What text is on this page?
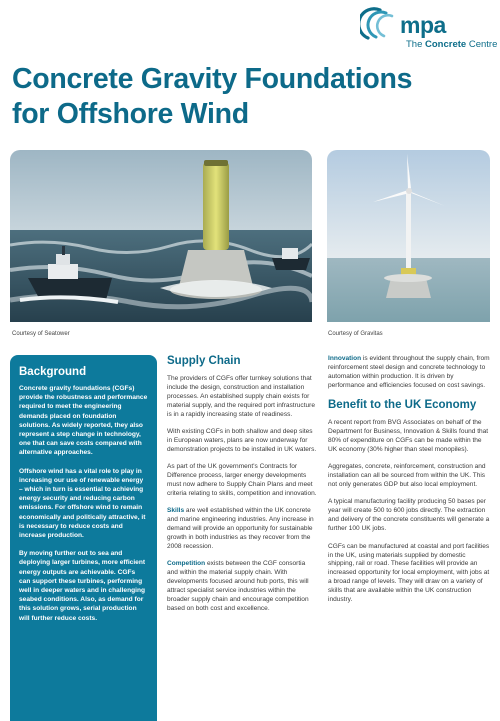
mpa
The Concrete Centre
Concrete Gravity Foundations
for Offshore Wind
Courtesy of Seatower	Courtesy of Gravitas
Background

Concrete gravity foundations (CGFs) provide the robustness and performance required to meet the engineering demands placed on foundation solutions. As widely reported, they also represent a step change in technology, one that can save costs compared with alternative approaches.

Offshore wind has a vital role to play in increasing our use of renewable energy – which in turn is essential to achieving energy security and reducing carbon emissions. For offshore wind to remain economically and politically attractive, it is necessary to reduce costs and increase production.

By moving further out to sea and deploying larger turbines, more efficient energy outputs are achievable. CGFs can support these turbines, performing well in deeper waters and in challenging seabed conditions. Also, as demand for this solution grows, serial production will further reduce costs.

Supply Chain

The providers of CGFs offer turnkey solutions that include the design, construction and installation processes. An established supply chain exists for material supply, and the required port infrastructure is in a rapidly increasing state of readiness.

With existing CGFs in both shallow and deep sites in European waters, plans are now underway for demonstration projects to be installed in UK waters.

As part of the UK government's Contracts for Difference process, larger energy developments must now adhere to Supply Chain Plans and meet criteria relating to skills, competition and innovation.

Skills are well established within the UK concrete and marine engineering industries. Any increase in demand will provide an opportunity for sustainable growth in both industries as they recover from the 2008 recession.

Competition exists between the CGF consortia and within the material supply chain. With developments focused around hub ports, this will attract specialist service industries within the broader supply chain and encourage competition based on both cost and excellence.

Innovation is evident throughout the supply chain, from reinforcement steel design and concrete technology to automation within production. It is driven by performance and efficiencies focused on cost savings.

Benefit to the UK Economy

A recent report from BVG Associates on behalf of the Department for Business, Innovation & Skills found that 80% of expenditure on CGFs can be made within the UK economy (30% higher than steel monopiles).

Aggregates, concrete, reinforcement, construction and installation can all be sourced from within the UK. This not only generates GDP but also local employment.

A typical manufacturing facility producing 50 bases per year will create 500 to 600 jobs directly. The extraction and delivery of the concrete constituents will generate a further 100 UK jobs.

CGFs can be manufactured at coastal and port facilities in the UK, using materials supplied by domestic shipping, rail or road. These facilities will provide an increased opportunity for local employment, with jobs at a broad range of levels. They will draw on a variety of skills that are available within the UK construction industry.
